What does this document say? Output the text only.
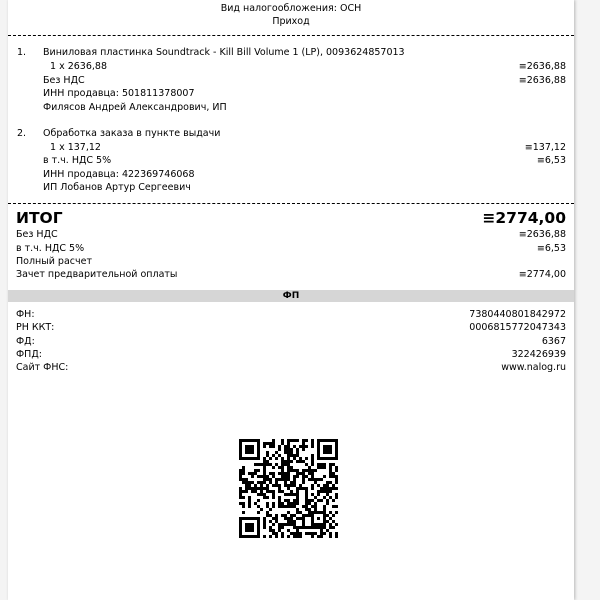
Вид налогообложения: ОСН
Приход
1. Виниловая пластинка Soundtrack - Kill Bill Volume 1 (LP), 0093624857013
1 х 2636,88	≡2636,88
Без НДС	≡2636,88
ИНН продавца: 501811378007
Филясов Андрей Александрович, ИП
2. Обработка заказа в пункте выдачи
1 х 137,12	≡137,12
в т.ч. НДС 5%	≡6,53
ИНН продавца: 422369746068
ИП Лобанов Артур Сергеевич
ИТОГ	≡2774,00
Без НДС	≡2636,88
в т.ч. НДС 5%	≡6,53
Полный расчет
Зачет предварительной оплаты	≡2774,00
ФП
ФН:	7380440801842972
РН ККТ:	0006815772047343
ФД:	6367
ФПД:	322426939
Сайт ФНС:	www.nalog.ru
